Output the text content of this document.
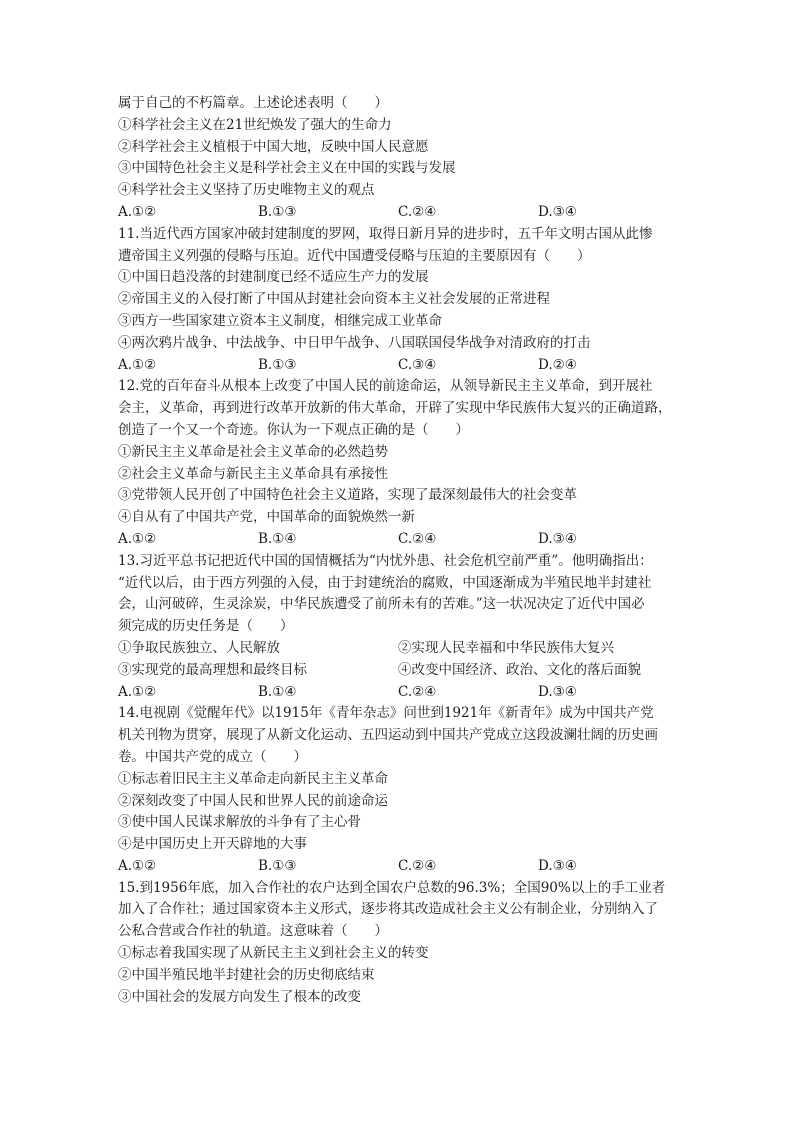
属于自己的不朽篇章。上述论述表明（　　）
①科学社会主义在21世纪焕发了强大的生命力
②科学社会主义植根于中国大地，反映中国人民意愿
③中国特色社会主义是科学社会主义在中国的实践与发展
④科学社会主义坚持了历史唯物主义的观点
A.①②	B.①③	C.②④	D.③④
11.当近代西方国家冲破封建制度的罗网，取得日新月异的进步时，五千年文明古国从此惨
遭帝国主义列强的侵略与压迫。近代中国遭受侵略与压迫的主要原因有（　　）
①中国日趋没落的封建制度已经不适应生产力的发展
②帝国主义的入侵打断了中国从封建社会向资本主义社会发展的正常进程
③西方一些国家建立资本主义制度，相继完成工业革命
④两次鸦片战争、中法战争、中日甲午战争、八国联国侵华战争对清政府的打击
A.①②	B.①③	C.③④	D.②④
12.党的百年奋斗从根本上改变了中国人民的前途命运，从领导新民主主义革命，到开展社
会主，义革命，再到进行改革开放新的伟大革命，开辟了实现中华民族伟大复兴的正确道路，
创造了一个又一个奇迹。你认为一下观点正确的是（　　）
①新民主主义革命是社会主义革命的必然趋势
②社会主义革命与新民主主义革命具有承接性
③党带领人民开创了中国特色社会主义道路，实现了最深刻最伟大的社会变革
④自从有了中国共产党，中国革命的面貌焕然一新
A.①②	B.①④	C.②④	D.③④
13.习近平总书记把近代中国的国情概括为“内忧外患、社会危机空前严重”。他明确指出：
“近代以后，由于西方列强的入侵，由于封建统治的腐败，中国逐渐成为半殖民地半封建社
会，山河破碎，生灵涂炭，中华民族遭受了前所未有的苦难。”这一状况决定了近代中国必
须完成的历史任务是（　　）
①争取民族独立、人民解放	②实现人民幸福和中华民族伟大复兴
③实现党的最高理想和最终目标	④改变中国经济、政治、文化的落后面貌
A.①②	B.①④	C.②④	D.③④
14.电视剧《觉醒年代》以1915年《青年杂志》问世到1921年《新青年》成为中国共产党
机关刊物为贯穿，展现了从新文化运动、五四运动到中国共产党成立这段波澜壮阔的历史画
卷。中国共产党的成立（　　）
①标志着旧民主主义革命走向新民主主义革命
②深刻改变了中国人民和世界人民的前途命运
③使中国人民谋求解放的斗争有了主心骨
④是中国历史上开天辟地的大事
A.①②	B.①③	C.②④	D.③④
15.到1956年底，加入合作社的农户达到全国农户总数的96.3%；全国90%以上的手工业者
加入了合作社；通过国家资本主义形式，逐步将其改造成社会主义公有制企业，分别纳入了
公私合营或合作社的轨道。这意味着（　　）
①标志着我国实现了从新民主主义到社会主义的转变
②中国半殖民地半封建社会的历史彻底结束
③中国社会的发展方向发生了根本的改变
